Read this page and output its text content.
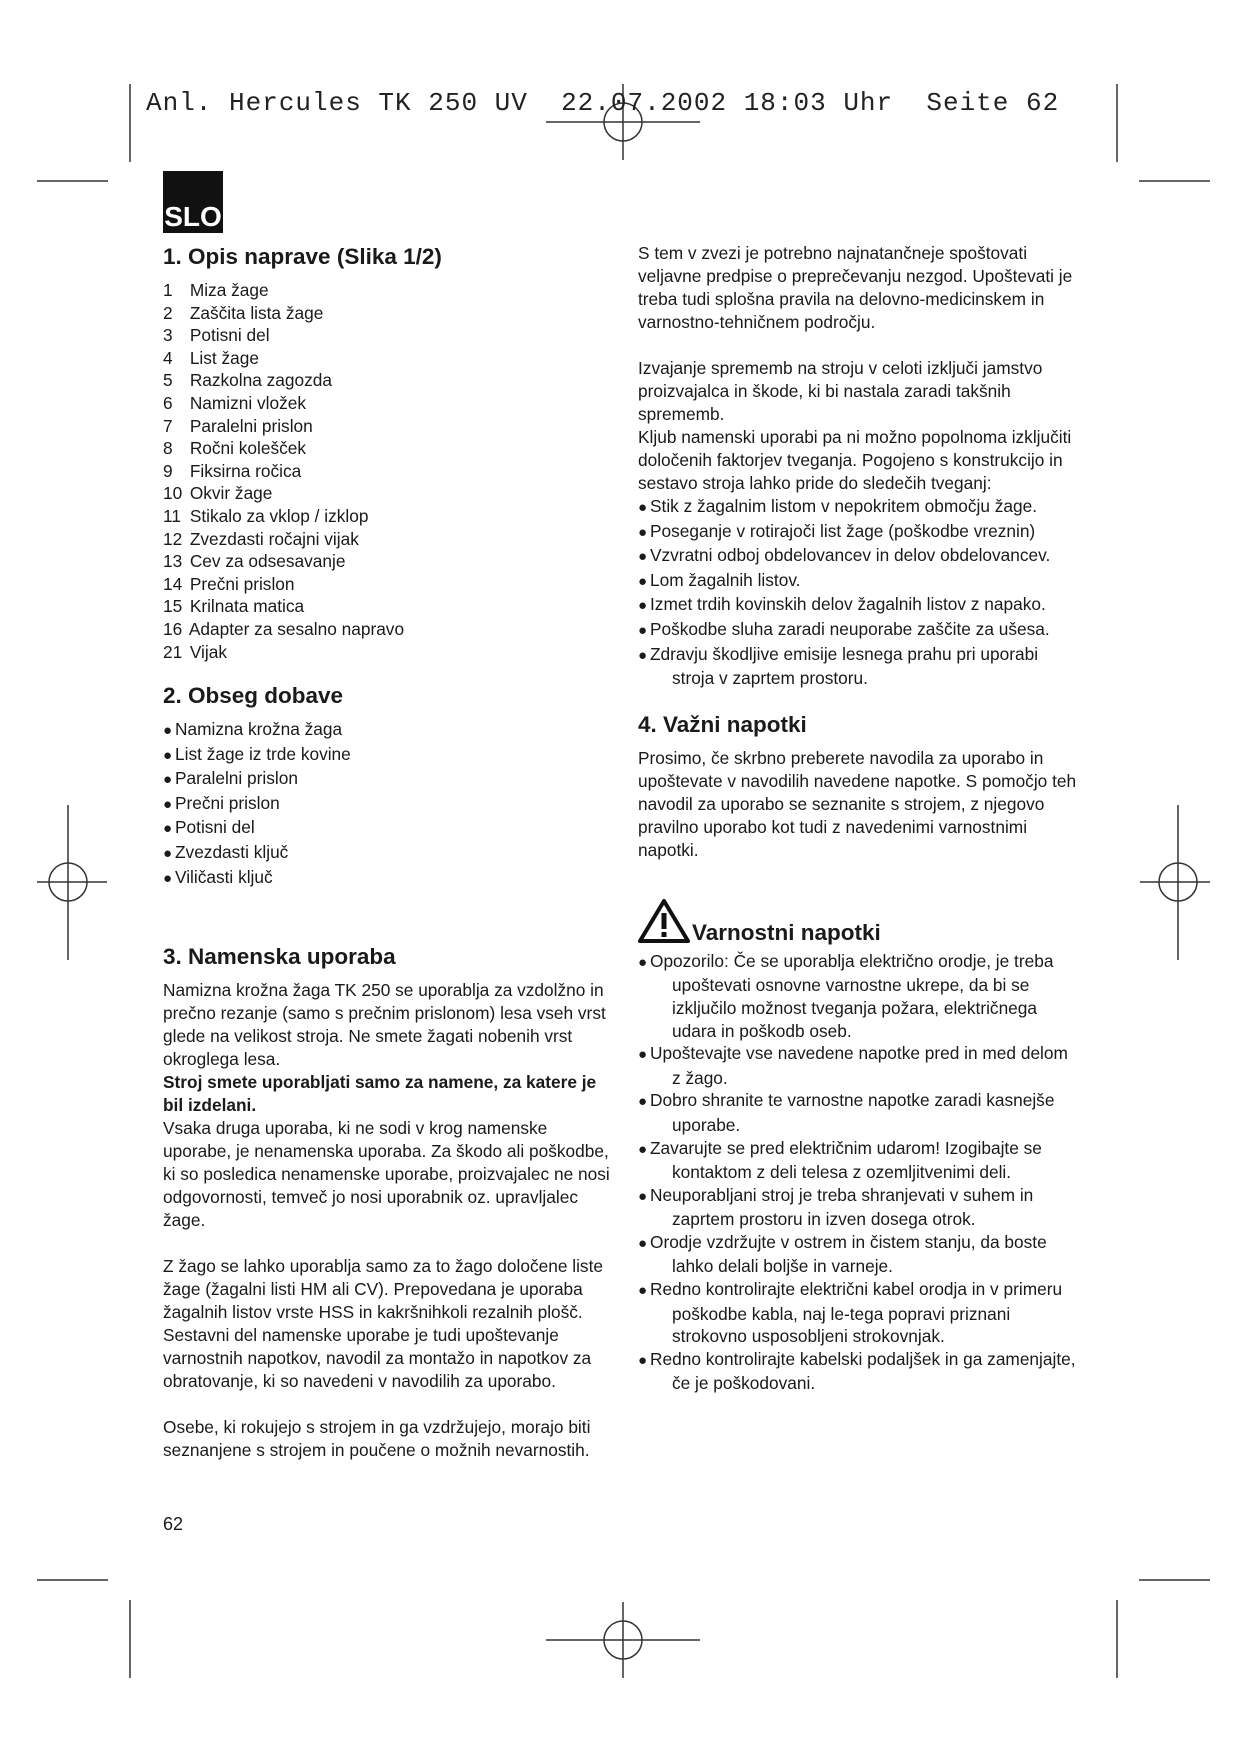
Anl. Hercules TK 250 UV 22.07.2002 18:03 Uhr Seite 62
SLO
1. Opis naprave (Slika 1/2)
1 Miza žage
2 Zaščita lista žage
3 Potisni del
4 List žage
5 Razkolna zagozda
6 Namizni vložek
7 Paralelni prislon
8 Ročni kolešček
9 Fiksirna ročica
10 Okvir žage
11 Stikalo za vklop / izklop
12 Zvezdasti ročajni vijak
13 Cev za odsesavanje
14 Prečni prislon
15 Krilnata matica
16 Adapter za sesalno napravo
21 Vijak
2. Obseg dobave
● Namizna krožna žaga
● List žage iz trde kovine
● Paralelni prislon
● Prečni prislon
● Potisni del
● Zvezdasti ključ
● Viličasti ključ
3. Namenska uporaba

Namizna krožna žaga TK 250 se uporablja za vzdolžno in prečno rezanje (samo s prečnim prislonom) lesa vseh vrst glede na velikost stroja. Ne smete žagati nobenih vrst okroglega lesa.

Stroj smete uporabljati samo za namene, za katere je bil izdelani.

Vsaka druga uporaba, ki ne sodi v krog namenske uporabe, je nenamenska uporaba. Za škodo ali poškodbe, ki so posledica nenamenske uporabe, proizvajalec ne nosi odgovornosti, temveč jo nosi uporabnik oz. upravljalec žage.

Z žago se lahko uporablja samo za to žago določene liste žage (žagalni listi HM ali CV). Prepovedana je uporaba žagalnih listov vrste HSS in kakršnihkoli rezalnih plošč.

Sestavni del namenske uporabe je tudi upoštevanje varnostnih napotkov, navodil za montažo in napotkov za obratovanje, ki so navedeni v navodilih za uporabo.

Osebe, ki rokujejo s strojem in ga vzdržujejo, morajo biti seznanjene s strojem in poučene o možnih nevarnostih.

S tem v zvezi je potrebno najnatančneje spoštovati veljavne predpise o preprečevanju nezgod. Upoštevati je treba tudi splošna pravila na delovno-medicinskem in varnostno-tehničnem področju.

Izvajanje sprememb na stroju v celoti izključi jamstvo proizvajalca in škode, ki bi nastala zaradi takšnih sprememb.

Kljub namenski uporabi pa ni možno popolnoma izključiti določenih faktorjev tveganja. Pogojeno s konstrukcijo in sestavo stroja lahko pride do sledečih tveganj:

● Stik z žagalnim listom v nepokritem območju žage.
● Poseganje v rotirajoči list žage (poškodbe vreznin)
● Vzvratni odboj obdelovancev in delov obdelovancev.
● Lom žagalnih listov.
● Izmet trdih kovinskih delov žagalnih listov z napako.
● Poškodbe sluha zaradi neuporabe zaščite za ušesa.
● Zdravju škodljive emisije lesnega prahu pri uporabi stroja v zaprtem prostoru.
4. Važni napotki

Prosimo, če skrbno preberete navodila za uporabo in upoštevate v navodilih navedene napotke. S pomočjo teh navodil za uporabo se seznanite s strojem, z njegovo pravilno uporabo kot tudi z navedenimi varnostnimi napotki.

Varnostni napotki
● Opozorilo: Če se uporablja električno orodje, je treba upoštevati osnovne varnostne ukrepe, da bi se izključilo možnost tveganja požara, električnega udara in poškodb oseb.
● Upoštevajte vse navedene napotke pred in med delom z žago.
● Dobro shranite te varnostne napotke zaradi kasnejše uporabe.
● Zavarujte se pred električnim udarom! Izogibajte se kontaktom z deli telesa z ozemljitvenimi deli.
● Neuporabljani stroj je treba shranjevati v suhem in zaprtem prostoru in izven dosega otrok.
● Orodje vzdržujte v ostrem in čistem stanju, da boste lahko delali boljše in varneje.
● Redno kontrolirajte električni kabel orodja in v primeru poškodbe kabla, naj le-tega popravi priznani strokovno usposobljeni strokovnjak.
● Redno kontrolirajte kabelski podaljšek in ga zamenjajte, če je poškodovani.
62
